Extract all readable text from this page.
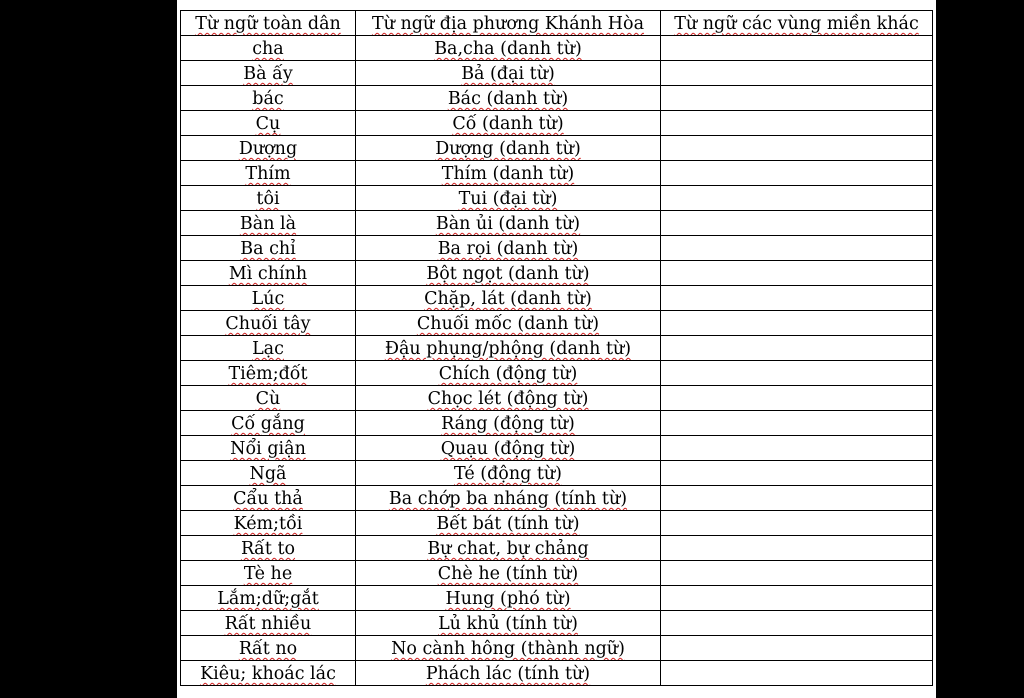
Từ ngữ toàn dân	Từ ngữ địa phương Khánh Hòa	Từ ngữ các vùng miền khác
cha	Ba,cha (danh từ)	
Bà ấy	Bả (đại từ)	
bác	Bác (danh từ)	
Cụ	Cố (danh từ)	
Dượng	Dượng (danh từ)	
Thím	Thím (danh từ)	
tôi	Tui (đại từ)	
Bàn là	Bàn ủi (danh từ)	
Ba chỉ	Ba rọi (danh từ)	
Mì chính	Bột ngọt (danh từ)	
Lúc	Chặp, lát (danh từ)	
Chuối tây	Chuối mốc (danh từ)	
Lạc	Đậu phụng/phộng (danh từ)	
Tiêm;đốt	Chích (động từ)	
Cù	Chọc lét (động từ)	
Cố gắng	Ráng (động từ)	
Nổi giận	Quạu (động từ)	
Ngã	Té (động từ)	
Cẩu thả	Ba chớp ba nháng (tính từ)	
Kém;tồi	Bết bát (tính từ)	
Rất to	Bự chat, bự chảng	
Tè he	Chè he (tính từ)	
Lắm;dữ;gắt	Hung (phó từ)	
Rất nhiều	Lủ khủ (tính từ)	
Rất no	No cành hông (thành ngữ)	
Kiêu; khoác lác	Phách lác (tính từ)	
